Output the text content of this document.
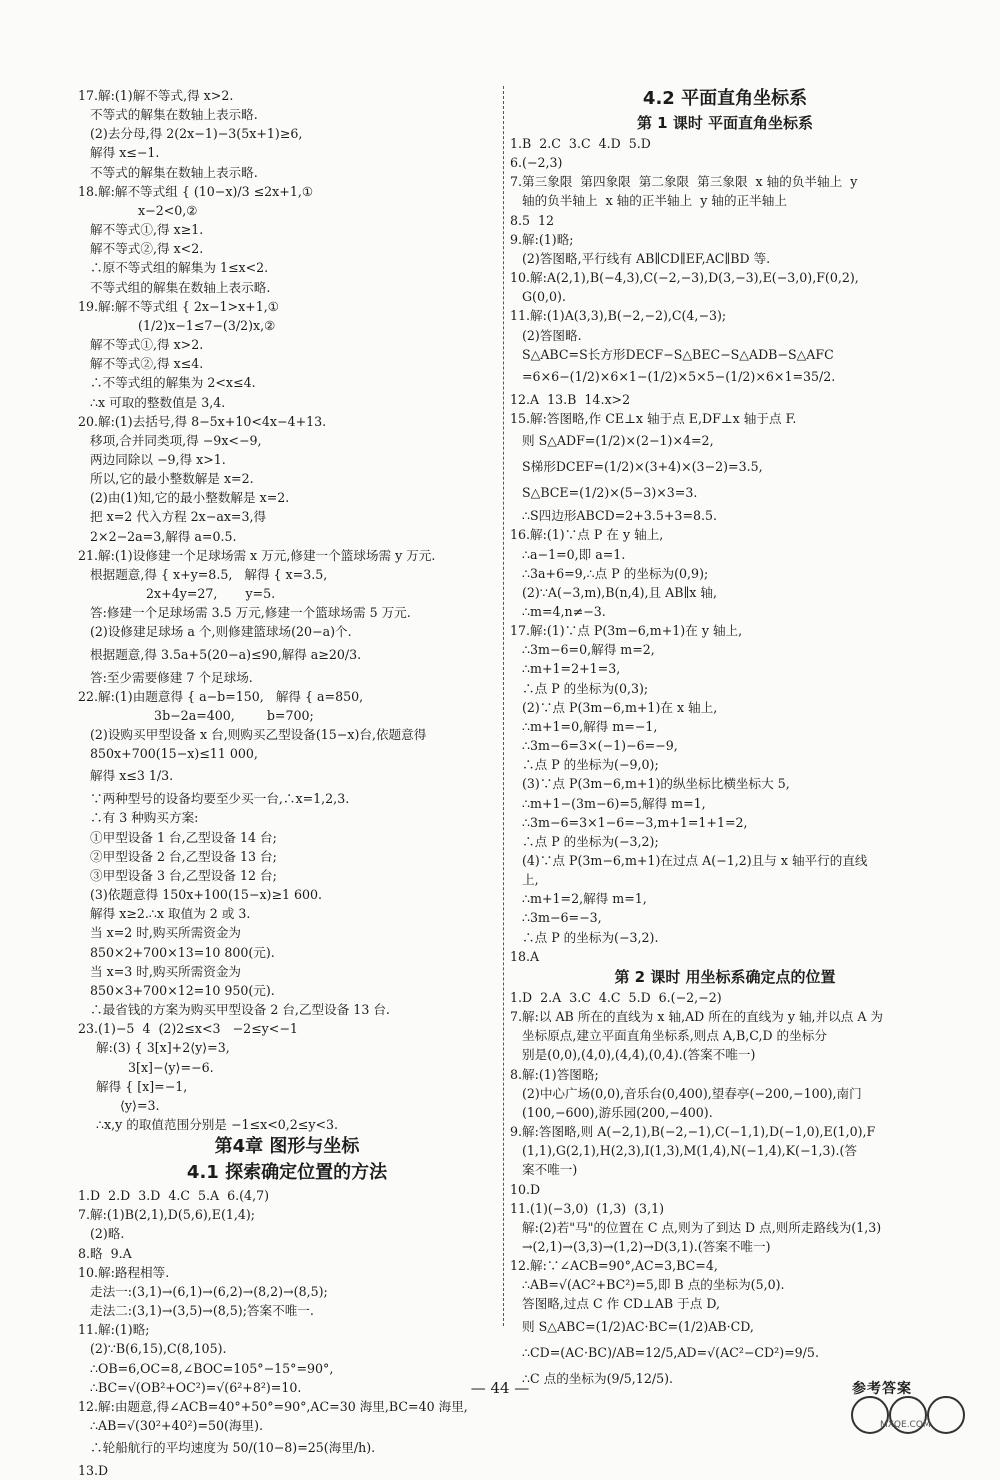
17.解:(1)解不等式,得 x>2.
不等式的解集在数轴上表示略.
(2)去分母,得 2(2x−1)−3(5x+1)≥6,
解得 x≤−1.
不等式的解集在数轴上表示略.
18.解:解不等式组 { (10−x)/3 ≤2x+1,①
x−2<0,②
解不等式①,得 x≥1.
解不等式②,得 x<2.
∴原不等式组的解集为 1≤x<2.
不等式组的解集在数轴上表示略.
19.解:解不等式组 { 2x−1>x+1,①
(1/2)x−1≤7−(3/2)x,②
解不等式①,得 x>2.
解不等式②,得 x≤4.
∴不等式组的解集为 2<x≤4.
∴x 可取的整数值是 3,4.
20.解:(1)去括号,得 8−5x+10<4x−4+13.
移项,合并同类项,得 −9x<−9,
两边同除以 −9,得 x>1.
所以,它的最小整数解是 x=2.
(2)由(1)知,它的最小整数解是 x=2.
把 x=2 代入方程 2x−ax=3,得
2×2−2a=3,解得 a=0.5.
21.解:(1)设修建一个足球场需 x 万元,修建一个篮球场需 y 万元.
根据题意,得 { x+y=8.5,   解得 { x=3.5,
2x+4y=27,       y=5.
答:修建一个足球场需 3.5 万元,修建一个篮球场需 5 万元.
(2)设修建足球场 a 个,则修建篮球场(20−a)个.
根据题意,得 3.5a+5(20−a)≤90,解得 a≥20/3.
答:至少需要修建 7 个足球场.
22.解:(1)由题意得 { a−b=150,   解得 { a=850,
3b−2a=400,        b=700;
(2)设购买甲型设备 x 台,则购买乙型设备(15−x)台,依题意得
850x+700(15−x)≤11 000,
解得 x≤3 1/3.
∵两种型号的设备均要至少买一台,∴x=1,2,3.
∴有 3 种购买方案:
①甲型设备 1 台,乙型设备 14 台;
②甲型设备 2 台,乙型设备 13 台;
③甲型设备 3 台,乙型设备 12 台;
(3)依题意得 150x+100(15−x)≥1 600.
解得 x≥2.∴x 取值为 2 或 3.
当 x=2 时,购买所需资金为
850×2+700×13=10 800(元).
当 x=3 时,购买所需资金为
850×3+700×12=10 950(元).
∴最省钱的方案为购买甲型设备 2 台,乙型设备 13 台.
23.(1)−5  4  (2)2≤x<3   −2≤y<−1
解:(3) { 3[x]+2⟨y⟩=3,
3[x]−⟨y⟩=−6.
解得 { [x]=−1,
⟨y⟩=3.
∴x,y 的取值范围分别是 −1≤x<0,2≤y<3.
第4章 图形与坐标
4.1 探索确定位置的方法
1.D  2.D  3.D  4.C  5.A  6.(4,7)
7.解:(1)B(2,1),D(5,6),E(1,4);
(2)略.
8.略  9.A
10.解:路程相等.
走法一:(3,1)→(6,1)→(6,2)→(8,2)→(8,5);
走法二:(3,1)→(3,5)→(8,5);答案不唯一.
11.解:(1)略;
(2)∵B(6,15),C(8,105).
∴OB=6,OC=8,∠BOC=105°−15°=90°,
∴BC=√(OB²+OC²)=√(6²+8²)=10.
12.解:由题意,得∠ACB=40°+50°=90°,AC=30 海里,BC=40 海里,
∴AB=√(30²+40²)=50(海里).
∴轮船航行的平均速度为 50/(10−8)=25(海里/h).
13.D
4.2 平面直角坐标系
第 1 课时 平面直角坐标系
1.B  2.C  3.C  4.D  5.D
6.(−2,3)
7.第三象限  第四象限  第二象限  第三象限  x 轴的负半轴上  y
轴的负半轴上  x 轴的正半轴上  y 轴的正半轴上
8.5  12
9.解:(1)略;
(2)答图略,平行线有 AB∥CD∥EF,AC∥BD 等.
10.解:A(2,1),B(−4,3),C(−2,−3),D(3,−3),E(−3,0),F(0,2),
G(0,0).
11.解:(1)A(3,3),B(−2,−2),C(4,−3);
(2)答图略.
S△ABC=S长方形DECF−S△BEC−S△ADB−S△AFC
=6×6−(1/2)×6×1−(1/2)×5×5−(1/2)×6×1=35/2.
12.A  13.B  14.x>2
15.解:答图略,作 CE⊥x 轴于点 E,DF⊥x 轴于点 F.
则 S△ADF=(1/2)×(2−1)×4=2,
S梯形DCEF=(1/2)×(3+4)×(3−2)=3.5,
S△BCE=(1/2)×(5−3)×3=3.
∴S四边形ABCD=2+3.5+3=8.5.
16.解:(1)∵点 P 在 y 轴上,
∴a−1=0,即 a=1.
∴3a+6=9,∴点 P 的坐标为(0,9);
(2)∵A(−3,m),B(n,4),且 AB∥x 轴,
∴m=4,n≠−3.
17.解:(1)∵点 P(3m−6,m+1)在 y 轴上,
∴3m−6=0,解得 m=2,
∴m+1=2+1=3,
∴点 P 的坐标为(0,3);
(2)∵点 P(3m−6,m+1)在 x 轴上,
∴m+1=0,解得 m=−1,
∴3m−6=3×(−1)−6=−9,
∴点 P 的坐标为(−9,0);
(3)∵点 P(3m−6,m+1)的纵坐标比横坐标大 5,
∴m+1−(3m−6)=5,解得 m=1,
∴3m−6=3×1−6=−3,m+1=1+1=2,
∴点 P 的坐标为(−3,2);
(4)∵点 P(3m−6,m+1)在过点 A(−1,2)且与 x 轴平行的直线
上,
∴m+1=2,解得 m=1,
∴3m−6=−3,
∴点 P 的坐标为(−3,2).
18.A
第 2 课时 用坐标系确定点的位置
1.D  2.A  3.C  4.C  5.D  6.(−2,−2)
7.解:以 AB 所在的直线为 x 轴,AD 所在的直线为 y 轴,并以点 A 为
坐标原点,建立平面直角坐标系,则点 A,B,C,D 的坐标分
别是(0,0),(4,0),(4,4),(0,4).(答案不唯一)
8.解:(1)答图略;
(2)中心广场(0,0),音乐台(0,400),望春亭(−200,−100),南门
(100,−600),游乐园(200,−400).
9.解:答图略,则 A(−2,1),B(−2,−1),C(−1,1),D(−1,0),E(1,0),F
(1,1),G(2,1),H(2,3),I(1,3),M(1,4),N(−1,4),K(−1,3).(答
案不唯一)
10.D
11.(1)(−3,0)  (1,3)  (3,1)
解:(2)若"马"的位置在 C 点,则为了到达 D 点,则所走路线为(1,3)
→(2,1)→(3,3)→(1,2)→D(3,1).(答案不唯一)
12.解:∵∠ACB=90°,AC=3,BC=4,
∴AB=√(AC²+BC²)=5,即 B 点的坐标为(5,0).
答图略,过点 C 作 CD⊥AB 于点 D,
则 S△ABC=(1/2)AC·BC=(1/2)AB·CD,
∴CD=(AC·BC)/AB=12/5,AD=√(AC²−CD²)=9/5.
∴C 点的坐标为(9/5,12/5).
— 44 —	参考答案
MXQE.COM
